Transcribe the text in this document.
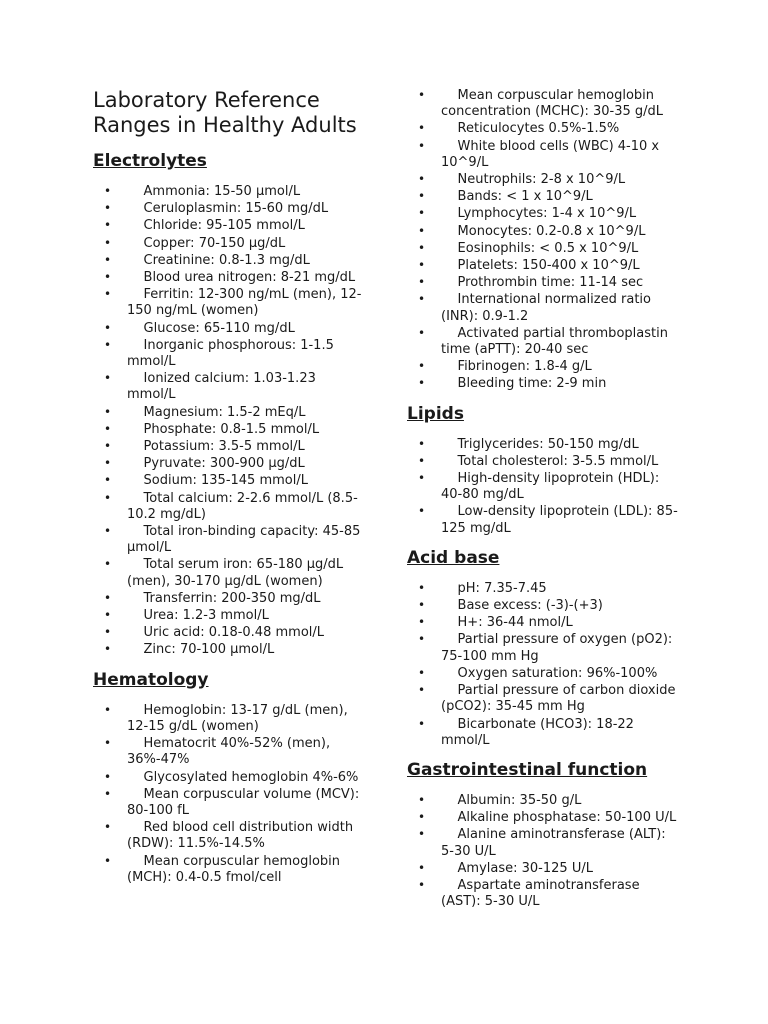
Laboratory Reference Ranges in Healthy Adults
Electrolytes
• Ammonia: 15-50 µmol/L
• Ceruloplasmin: 15-60 mg/dL
• Chloride: 95-105 mmol/L
• Copper: 70-150 µg/dL
• Creatinine: 0.8-1.3 mg/dL
• Blood urea nitrogen: 8-21 mg/dL
• Ferritin: 12-300 ng/mL (men), 12-150 ng/mL (women)
• Glucose: 65-110 mg/dL
• Inorganic phosphorous: 1-1.5 mmol/L
• Ionized calcium: 1.03-1.23 mmol/L
• Magnesium: 1.5-2 mEq/L
• Phosphate: 0.8-1.5 mmol/L
• Potassium: 3.5-5 mmol/L
• Pyruvate: 300-900 µg/dL
• Sodium: 135-145 mmol/L
• Total calcium: 2-2.6 mmol/L (8.5-10.2 mg/dL)
• Total iron-binding capacity: 45-85 µmol/L
• Total serum iron: 65-180 µg/dL (men), 30-170 µg/dL (women)
• Transferrin: 200-350 mg/dL
• Urea: 1.2-3 mmol/L
• Uric acid: 0.18-0.48 mmol/L
• Zinc: 70-100 µmol/L
Hematology
• Hemoglobin: 13-17 g/dL (men), 12-15 g/dL (women)
• Hematocrit 40%-52% (men), 36%-47%
• Glycosylated hemoglobin 4%-6%
• Mean corpuscular volume (MCV): 80-100 fL
• Red blood cell distribution width (RDW): 11.5%-14.5%
• Mean corpuscular hemoglobin (MCH): 0.4-0.5 fmol/cell
• Mean corpuscular hemoglobin concentration (MCHC): 30-35 g/dL
• Reticulocytes 0.5%-1.5%
• White blood cells (WBC) 4-10 x 10^9/L
• Neutrophils: 2-8 x 10^9/L
• Bands: < 1 x 10^9/L
• Lymphocytes: 1-4 x 10^9/L
• Monocytes: 0.2-0.8 x 10^9/L
• Eosinophils: < 0.5 x 10^9/L
• Platelets: 150-400 x 10^9/L
• Prothrombin time: 11-14 sec
• International normalized ratio (INR): 0.9-1.2
• Activated partial thromboplastin time (aPTT): 20-40 sec
• Fibrinogen: 1.8-4 g/L
• Bleeding time: 2-9 min
Lipids
• Triglycerides: 50-150 mg/dL
• Total cholesterol: 3-5.5 mmol/L
• High-density lipoprotein (HDL): 40-80 mg/dL
• Low-density lipoprotein (LDL): 85-125 mg/dL
Acid base
• pH: 7.35-7.45
• Base excess: (-3)-(+3)
• H+: 36-44 nmol/L
• Partial pressure of oxygen (pO2): 75-100 mm Hg
• Oxygen saturation: 96%-100%
• Partial pressure of carbon dioxide (pCO2): 35-45 mm Hg
• Bicarbonate (HCO3): 18-22 mmol/L
Gastrointestinal function
• Albumin: 35-50 g/L
• Alkaline phosphatase: 50-100 U/L
• Alanine aminotransferase (ALT): 5-30 U/L
• Amylase: 30-125 U/L
• Aspartate aminotransferase (AST): 5-30 U/L
